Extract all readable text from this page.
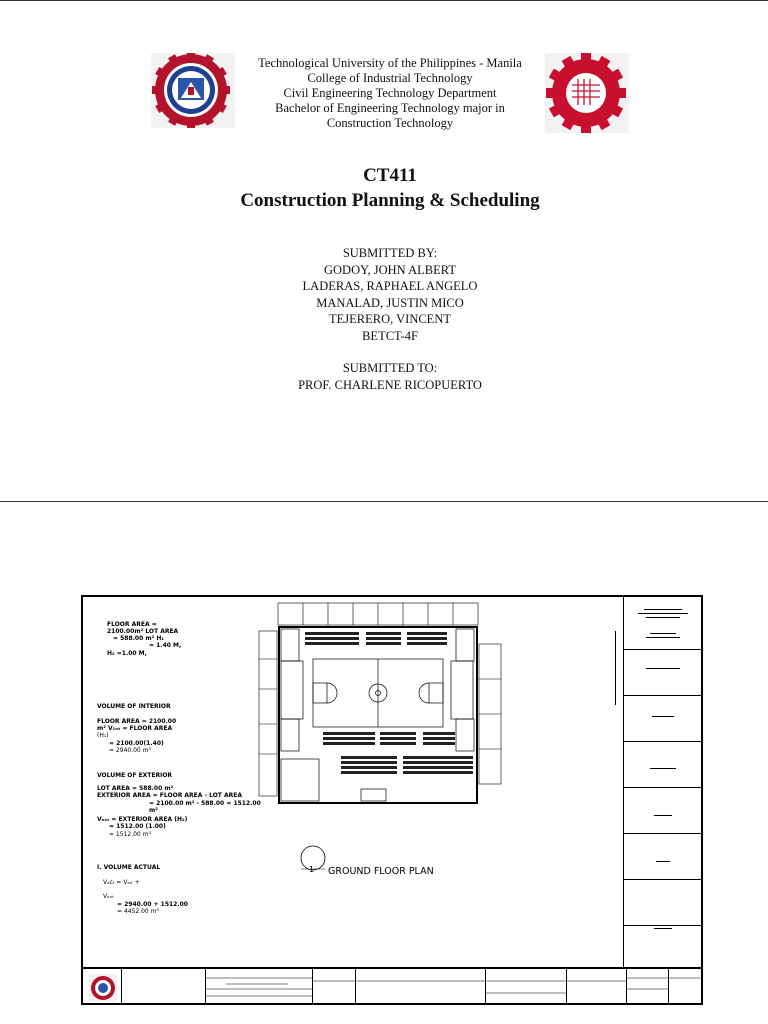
Technological University of the Philippines - Manila
College of Industrial Technology
Civil Engineering Technology Department
Bachelor of Engineering Technology major in
Construction Technology
CT411
Construction Planning & Scheduling
SUBMITTED BY:
GODOY, JOHN ALBERT
LADERAS, RAPHAEL ANGELO
MANALAD, JUSTIN MICO
TEJERERO, VINCENT
BETCT-4F
SUBMITTED TO:
PROF. CHARLENE RICOPUERTO
FLOOR AREA =
2100.00m² LOT AREA
= 588.00 m² H₁
= 1.40 M,
H₂ =1.00 M,
VOLUME OF INTERIOR
FLOOR AREA = 2100.00
m² V₁ₙₜ = FLOOR AREA
(H₁)
= 2100.00(1.40)
= 2940.00 m³
VOLUME OF EXTERIOR
LOT AREA = 588.00 m²
EXTERIOR AREA = FLOOR AREA - LOT AREA
= 2100.00 m² - 588.00 = 1512.00
m²
Vₑₓₜ = EXTERIOR AREA (H₂)
= 1512.00 (1.00)
= 1512.00 m³
I. VOLUME ACTUAL
Vₐcₜ = Vᵢₙₜ +
Vₑₓₜ
= 2940.00 + 1512.00
= 4452.00 m³
1 GROUND FLOOR PLAN
